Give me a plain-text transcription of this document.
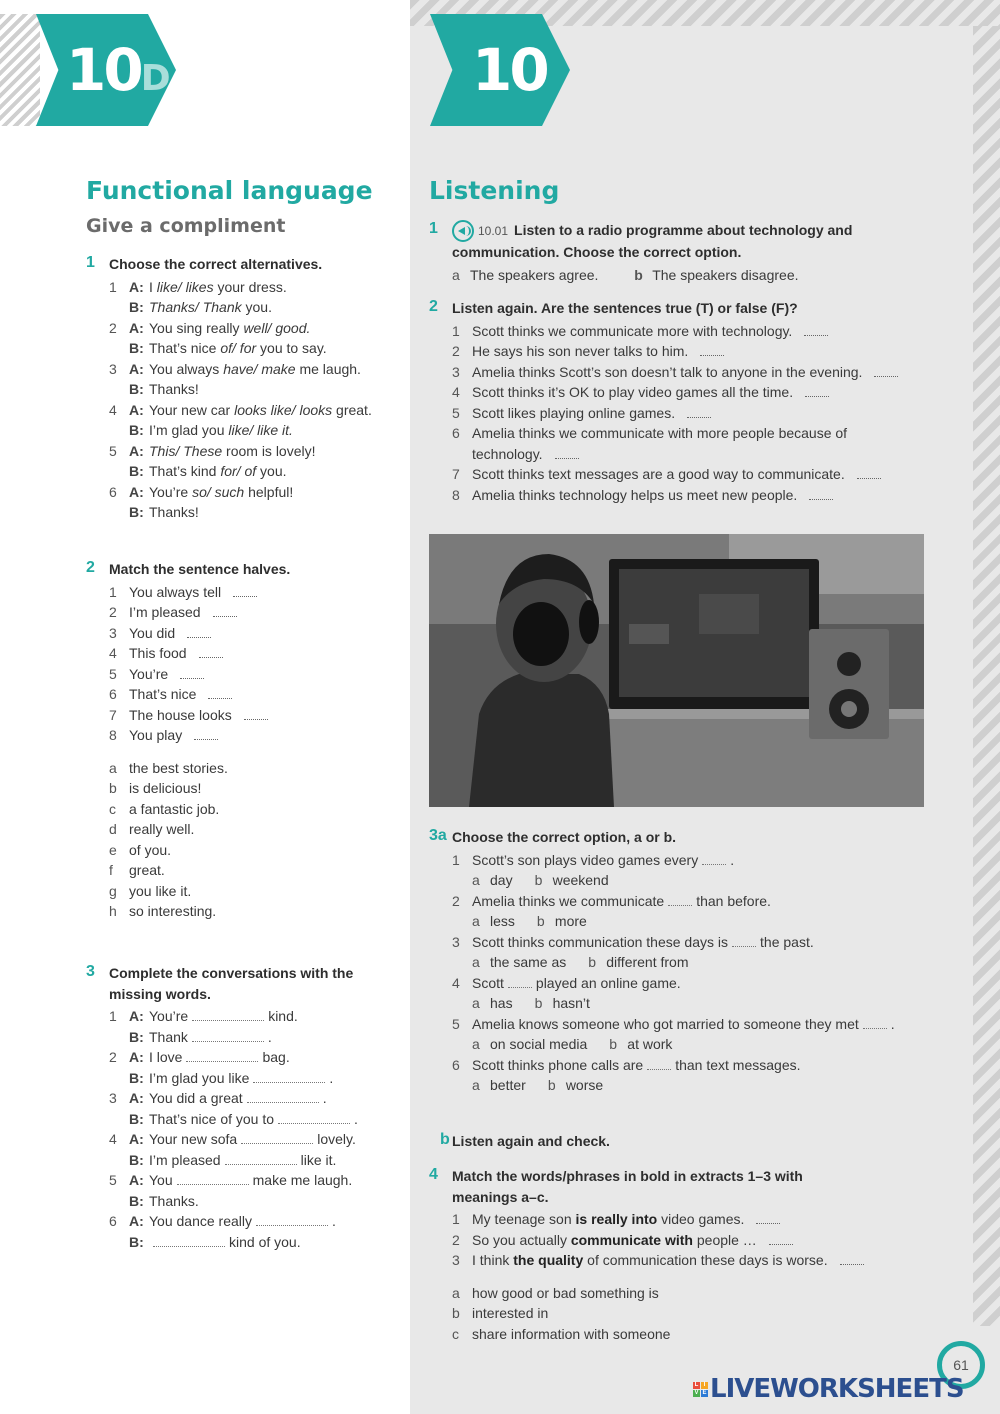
10D	10
Functional language
Give a compliment
1 Choose the correct alternatives.
1 A: I like/ likes your dress.
B: Thanks/ Thank you.
2 A: You sing really well/ good.
B: That’s nice of/ for you to say.
3 A: You always have/ make me laugh.
B: Thanks!
4 A: Your new car looks like/ looks great.
B: I’m glad you like/ like it.
5 A: This/ These room is lovely!
B: That’s kind for/ of you.
6 A: You’re so/ such helpful!
B: Thanks!
2 Match the sentence halves.
1 You always tell
2 I’m pleased
3 You did
4 This food
5 You’re
6 That’s nice
7 The house looks
8 You play
a the best stories.
b is delicious!
c a fantastic job.
d really well.
e of you.
f great.
g you like it.
h so interesting.
3 Complete the conversations with the
missing words.
1 A: You’re	kind.
B: Thank	.
2 A: I love	bag.
B: I’m glad you like	.
3 A: You did a great	.
B: That’s nice of you to	.
4 A: Your new sofa	lovely.
B: I’m pleased	like it.
5 A: You	make me laugh.
B: Thanks.
6 A: You dance really	.
B:	kind of you.
Listening
1	10.01 Listen to a radio programme about technology and
communication. Choose the correct option.
a The speakers agree.	b The speakers disagree.
2 Listen again. Are the sentences true (T) or false (F)?
1 Scott thinks we communicate more with technology.
2 He says his son never talks to him.
3 Amelia thinks Scott’s son doesn’t talk to anyone in the evening.
4 Scott thinks it’s OK to play video games all the time.
5 Scott likes playing online games.
6 Amelia thinks we communicate with more people because of
technology.
7 Scott thinks text messages are a good way to communicate.
8 Amelia thinks technology helps us meet new people.
3a Choose the correct option, a or b.
1 Scott’s son plays video games every .
a day b weekend
2 Amelia thinks we communicate than before.
a less b more
3 Scott thinks communication these days is the past.
a the same as b different from
4 Scott played an online game.
a has b hasn’t
5 Amelia knows someone who got married to someone they met .
a on social media b at work
6 Scott thinks phone calls are than text messages.
a better b worse
b Listen again and check.
4 Match the words/phrases in bold in extracts 1–3 with
meanings a–c.
1 My teenage son is really into video games.
2 So you actually communicate with people …
3 I think the quality of communication these days is worse.
a how good or bad something is
b interested in
c share information with someone
61
L I
V E LIVEWORKSHEETS
